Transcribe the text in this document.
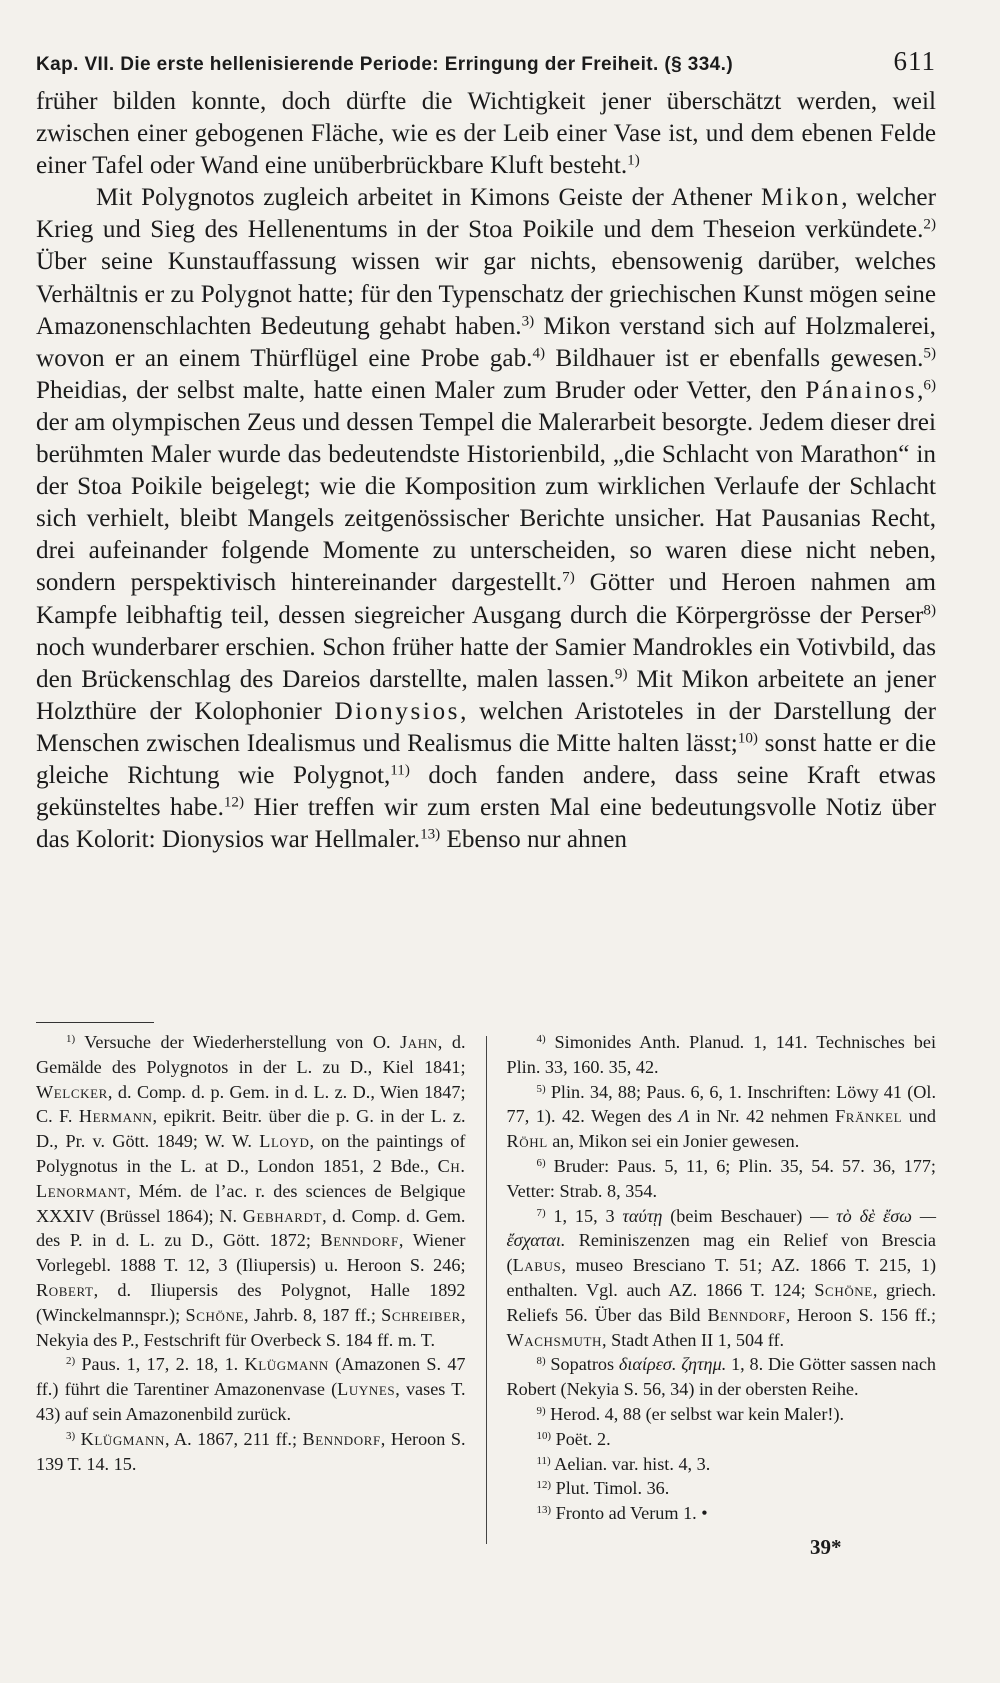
Kap. VII. Die erste hellenisierende Periode: Erringung der Freiheit. (§ 334.)	611

früher bilden konnte, doch dürfte die Wichtigkeit jener überschätzt werden, weil zwischen einer gebogenen Fläche, wie es der Leib einer Vase ist, und dem ebenen Felde einer Tafel oder Wand eine unüberbrückbare Kluft besteht.$^{1)}$

Mit Polygnotos zugleich arbeitet in Kimons Geiste der Athener Mikon, welcher Krieg und Sieg des Hellenentums in der Stoa Poikile und dem Theseion verkündete.$^{2)}$ Über seine Kunstauffassung wissen wir gar nichts, ebensowenig darüber, welches Verhältnis er zu Polygnot hatte; für den Typenschatz der griechischen Kunst mögen seine Amazonenschlachten Bedeutung gehabt haben.$^{3)}$ Mikon verstand sich auf Holzmalerei, wovon er an einem Thürflügel eine Probe gab.$^{4)}$ Bildhauer ist er ebenfalls gewesen.$^{5)}$ Pheidias, der selbst malte, hatte einen Maler zum Bruder oder Vetter, den Pánainos,$^{6)}$ der am olympischen Zeus und dessen Tempel die Malerarbeit besorgte. Jedem dieser drei berühmten Maler wurde das bedeutendste Historienbild, „die Schlacht von Marathon“ in der Stoa Poikile beigelegt; wie die Komposition zum wirklichen Verlaufe der Schlacht sich verhielt, bleibt Mangels zeitgenössischer Berichte unsicher. Hat Pausanias Recht, drei aufeinander folgende Momente zu unterscheiden, so waren diese nicht neben, sondern perspektivisch hintereinander dargestellt.$^{7)}$ Götter und Heroen nahmen am Kampfe leibhaftig teil, dessen siegreicher Ausgang durch die Körpergrösse der Perser$^{8)}$ noch wunderbarer erschien. Schon früher hatte der Samier Mandrokles ein Votivbild, das den Brückenschlag des Dareios darstellte, malen lassen.$^{9)}$ Mit Mikon arbeitete an jener Holzthüre der Kolophonier Dionysios, welchen Aristoteles in der Darstellung der Menschen zwischen Idealismus und Realismus die Mitte halten lässt;$^{10)}$ sonst hatte er die gleiche Richtung wie Polygnot,$^{11)}$ doch fanden andere, dass seine Kraft etwas gekünsteltes habe.$^{12)}$ Hier treffen wir zum ersten Mal eine bedeutungsvolle Notiz über das Kolorit: Dionysios war Hellmaler.$^{13)}$ Ebenso nur ahnen

$^{1)}$ Versuche der Wiederherstellung von O. Jahn, d. Gemälde des Polygnotos in der L. zu D., Kiel 1841; Welcker, d. Comp. d. p. Gem. in d. L. z. D., Wien 1847; C. F. Hermann, epikrit. Beitr. über die p. G. in der L. z. D., Pr. v. Gött. 1849; W. W. Lloyd, on the paintings of Polygnotus in the L. at D., London 1851, 2 Bde., Ch. Lenormant, Mém. de l’ac. r. des sciences de Belgique XXXIV (Brüssel 1864); N. Gebhardt, d. Comp. d. Gem. des P. in d. L. zu D., Gött. 1872; Benndorf, Wiener Vorlegebl. 1888 T. 12, 3 (Iliupersis) u. Heroon S. 246; Robert, d. Iliupersis des Polygnot, Halle 1892 (Winckelmannspr.); Schöne, Jahrb. 8, 187 ff.; Schreiber, Nekyia des P., Festschrift für Overbeck S. 184 ff. m. T.

$^{2)}$ Paus. 1, 17, 2. 18, 1. Klügmann (Amazonen S. 47 ff.) führt die Tarentiner Amazonenvase (Luynes, vases T. 43) auf sein Amazonenbild zurück.

$^{3)}$ Klügmann, A. 1867, 211 ff.; Benndorf, Heroon S. 139 T. 14. 15.

$^{4)}$ Simonides Anth. Planud. 1, 141. Technisches bei Plin. 33, 160. 35, 42.

$^{5)}$ Plin. 34, 88; Paus. 6, 6, 1. Inschriften: Löwy 41 (Ol. 77, 1). 42. Wegen des Λ in Nr. 42 nehmen Fränkel und Röhl an, Mikon sei ein Jonier gewesen.

$^{6)}$ Bruder: Paus. 5, 11, 6; Plin. 35, 54. 57. 36, 177; Vetter: Strab. 8, 354.

$^{7)}$ 1, 15, 3 ταύτῃ (beim Beschauer) — τὸ δὲ ἔσω — ἔσχαται. Reminiszenzen mag ein Relief von Brescia (Labus, museo Bresciano T. 51; AZ. 1866 T. 215, 1) enthalten. Vgl. auch AZ. 1866 T. 124; Schöne, griech. Reliefs 56. Über das Bild Benndorf, Heroon S. 156 ff.; Wachsmuth, Stadt Athen II 1, 504 ff.

$^{8)}$ Sopatros διαίρεσ. ζητημ. 1, 8. Die Götter sassen nach Robert (Nekyia S. 56, 34) in der obersten Reihe.

$^{9)}$ Herod. 4, 88 (er selbst war kein Maler!).

$^{10)}$ Poët. 2.

$^{11)}$ Aelian. var. hist. 4, 3.

$^{12)}$ Plut. Timol. 36.

$^{13)}$ Fronto ad Verum 1. •

39*
